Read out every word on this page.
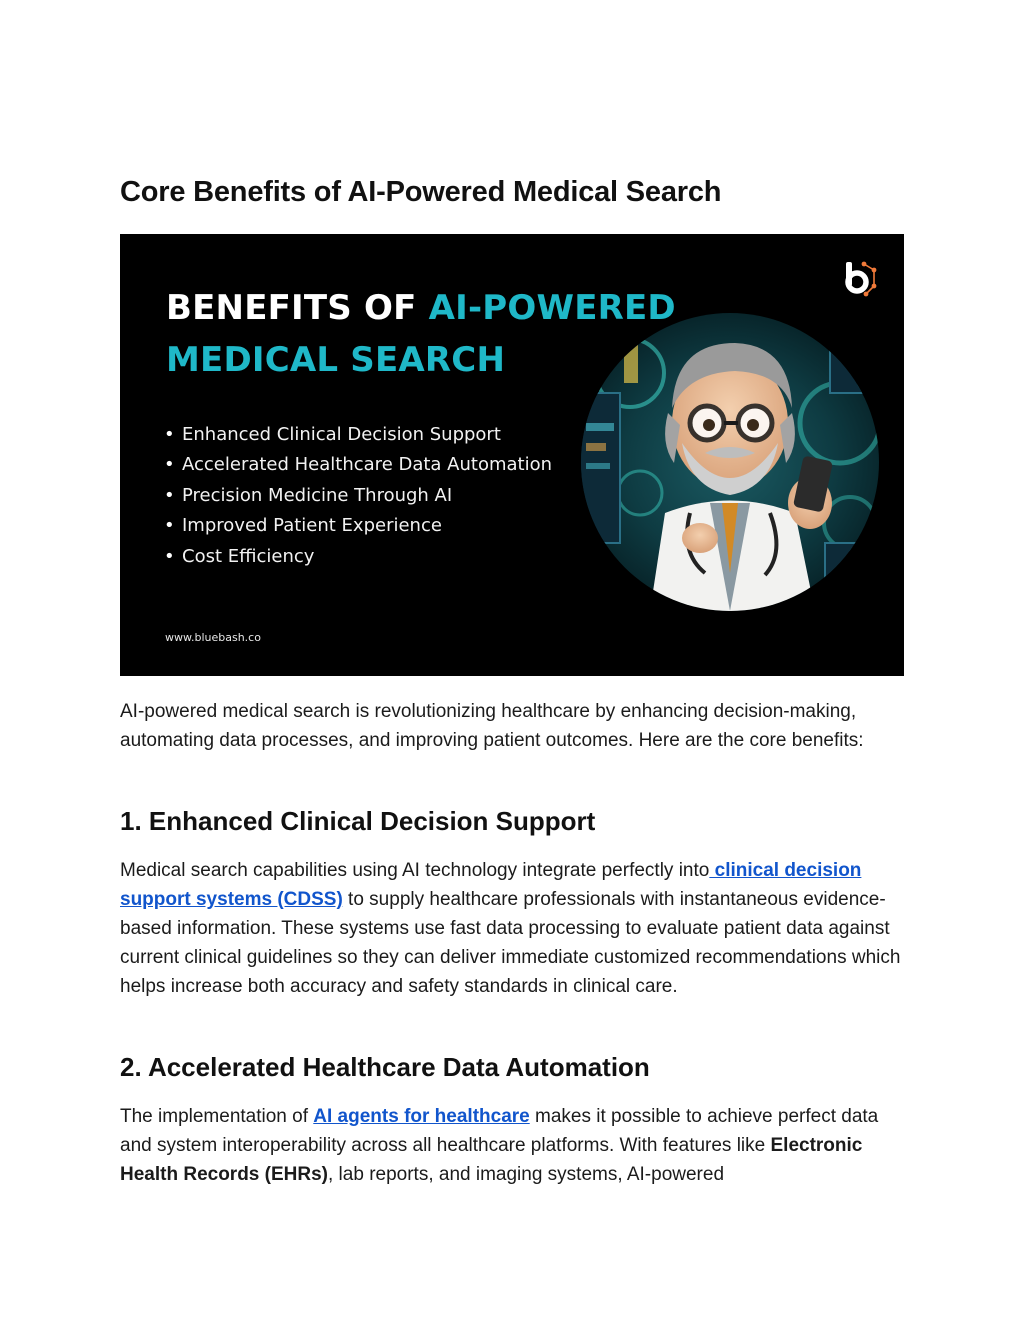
Core Benefits of AI-Powered Medical Search
BENEFITS OF AI-POWERED
MEDICAL SEARCH
• Enhanced Clinical Decision Support
• Accelerated Healthcare Data Automation
• Precision Medicine Through AI
• Improved Patient Experience
• Cost Efficiency
www.bluebash.co

AI-powered medical search is revolutionizing healthcare by enhancing decision-making, automating data processes, and improving patient outcomes. Here are the core benefits:

1. Enhanced Clinical Decision Support

Medical search capabilities using AI technology integrate perfectly into clinical decision support systems (CDSS) to supply healthcare professionals with instantaneous evidence-based information. These systems use fast data processing to evaluate patient data against current clinical guidelines so they can deliver immediate customized recommendations which helps increase both accuracy and safety standards in clinical care.

2. Accelerated Healthcare Data Automation

The implementation of AI agents for healthcare makes it possible to achieve perfect data and system interoperability across all healthcare platforms. With features like Electronic Health Records (EHRs), lab reports, and imaging systems, AI-powered
